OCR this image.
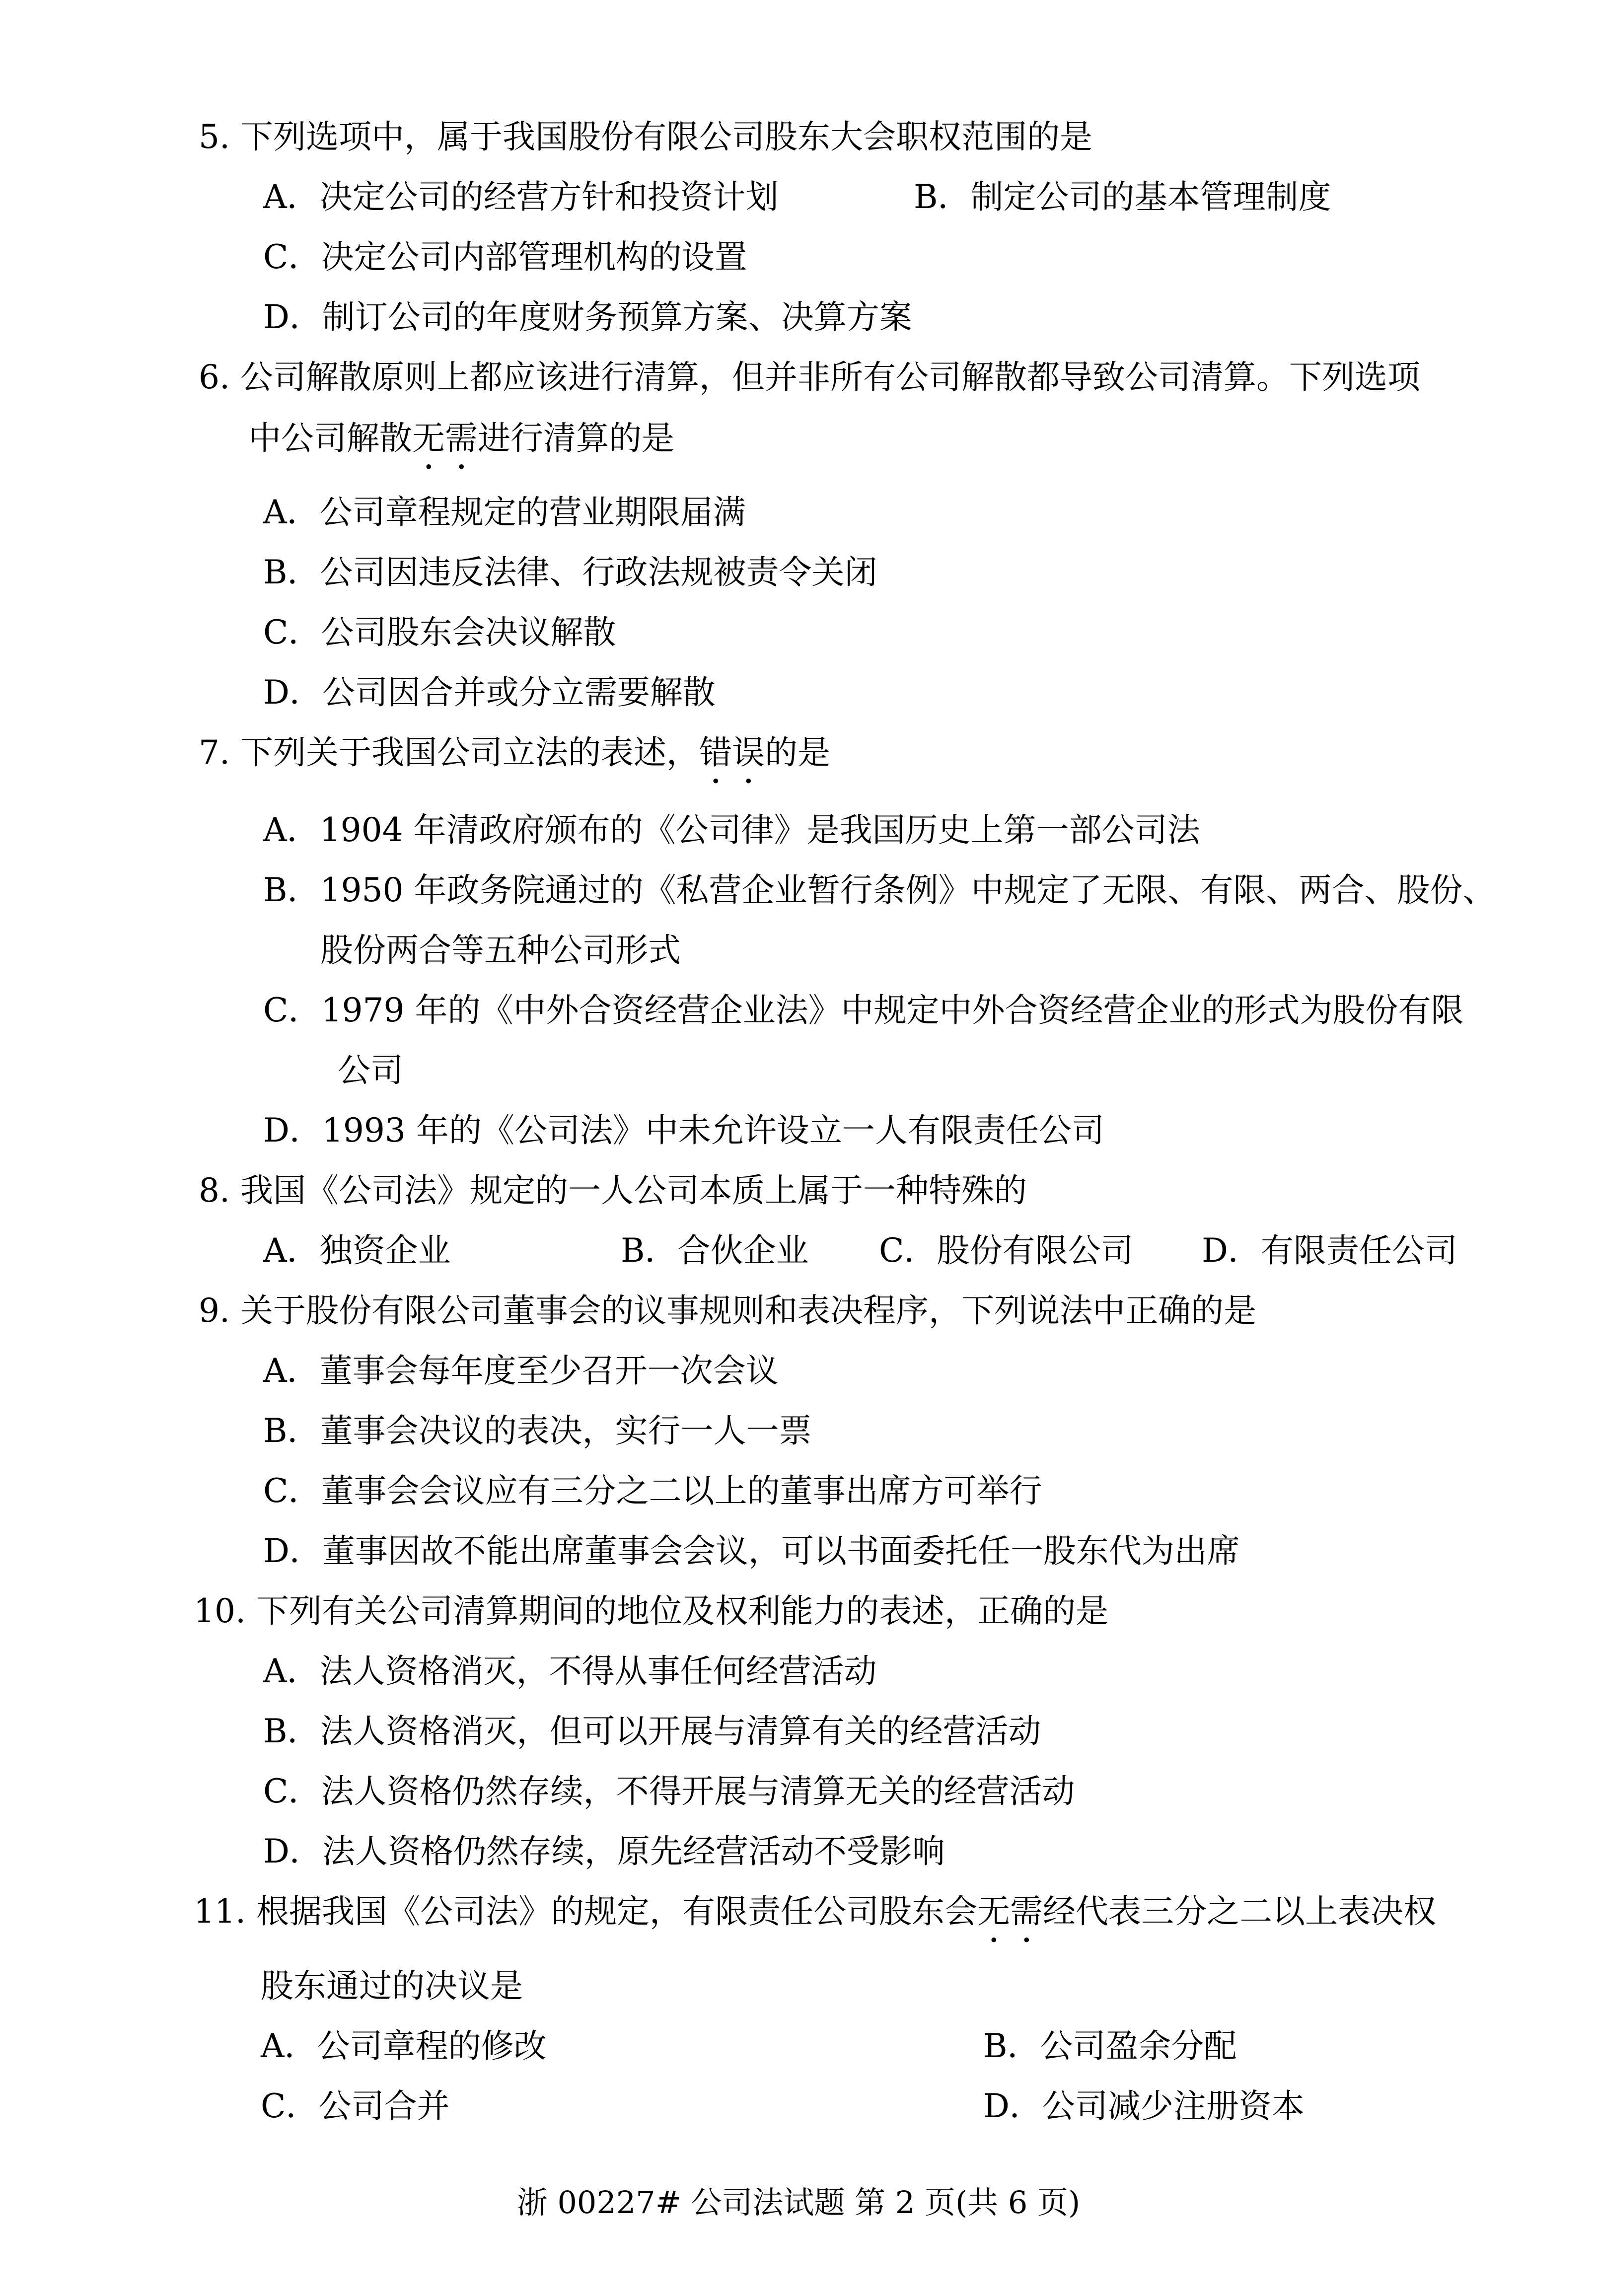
5. 下列选项中，属于我国股份有限公司股东大会职权范围的是
A．决定公司的经营方针和投资计划	B．制定公司的基本管理制度
C．决定公司内部管理机构的设置
D．制订公司的年度财务预算方案、决算方案
6. 公司解散原则上都应该进行清算，但并非所有公司解散都导致公司清算。下列选项
中公司解散无需进行清算的是
A．公司章程规定的营业期限届满
B．公司因违反法律、行政法规被责令关闭
C．公司股东会决议解散
D．公司因合并或分立需要解散
7. 下列关于我国公司立法的表述，错误的是
A．1904 年清政府颁布的《公司律》是我国历史上第一部公司法
B．1950 年政务院通过的《私营企业暂行条例》中规定了无限、有限、两合、股份、
股份两合等五种公司形式
C．1979 年的《中外合资经营企业法》中规定中外合资经营企业的形式为股份有限
公司
D．1993 年的《公司法》中未允许设立一人有限责任公司
8. 我国《公司法》规定的一人公司本质上属于一种特殊的
A．独资企业	B．合伙企业 C．股份有限公司 D．有限责任公司
9. 关于股份有限公司董事会的议事规则和表决程序，下列说法中正确的是
A．董事会每年度至少召开一次会议
B．董事会决议的表决，实行一人一票
C．董事会会议应有三分之二以上的董事出席方可举行
D．董事因故不能出席董事会会议，可以书面委托任一股东代为出席
10. 下列有关公司清算期间的地位及权利能力的表述，正确的是
A．法人资格消灭，不得从事任何经营活动
B．法人资格消灭，但可以开展与清算有关的经营活动
C．法人资格仍然存续，不得开展与清算无关的经营活动
D．法人资格仍然存续，原先经营活动不受影响
11. 根据我国《公司法》的规定，有限责任公司股东会无需经代表三分之二以上表决权
股东通过的决议是
A．公司章程的修改	B．公司盈余分配
C．公司合并	D．公司减少注册资本
浙 00227# 公司法试题 第 2 页(共 6 页)
